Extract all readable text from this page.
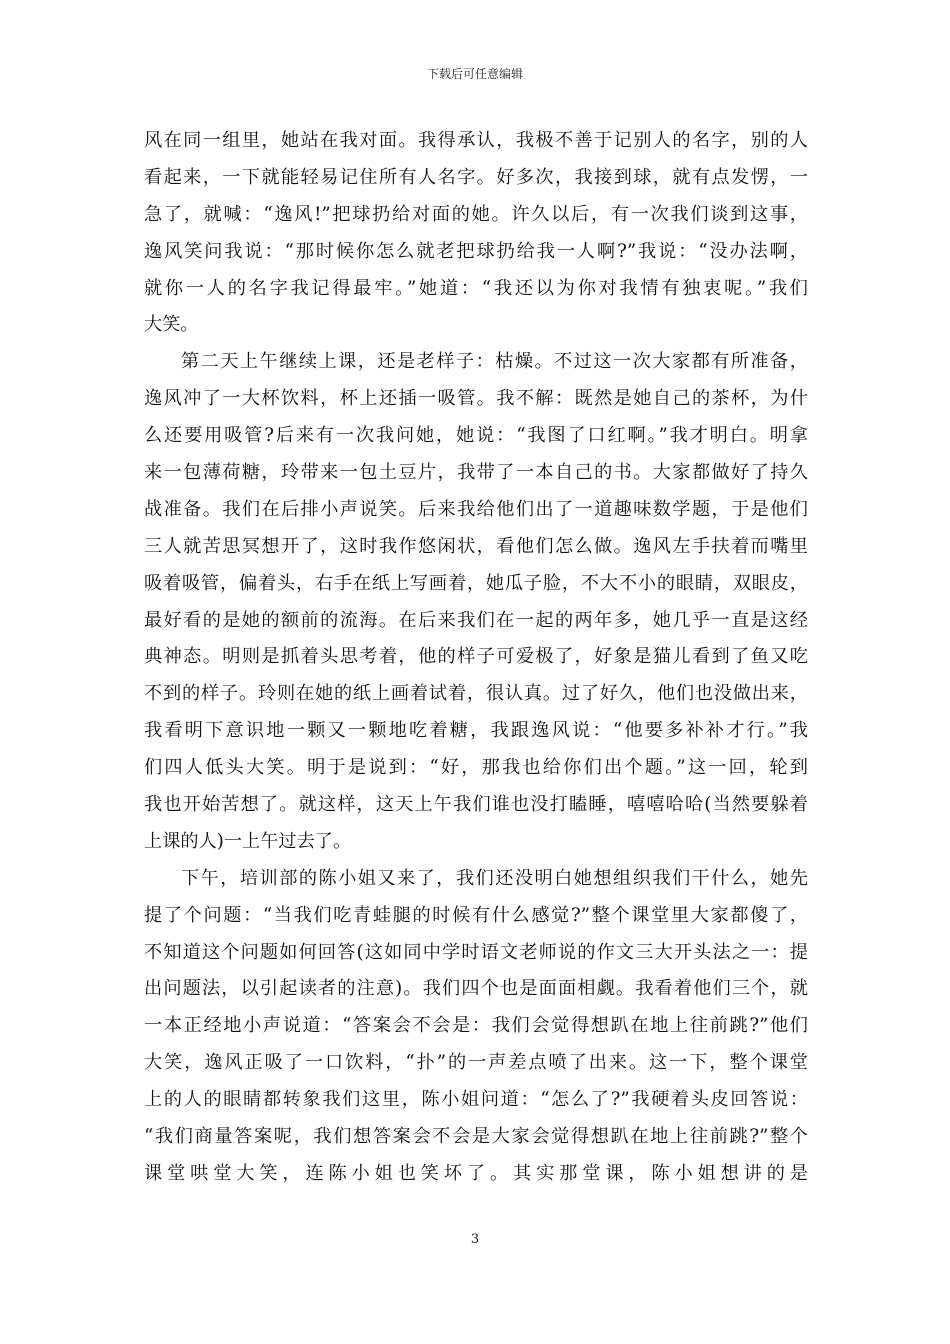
下载后可任意编辑
风在同一组里，她站在我对面。我得承认，我极不善于记别人的名字，别的人
看起来，一下就能轻易记住所有人名字。好多次，我接到球，就有点发愣，一
急了，就喊：“逸风!”把球扔给对面的她。许久以后，有一次我们谈到这事，
逸风笑问我说：“那时候你怎么就老把球扔给我一人啊?”我说：“没办法啊，
就你一人的名字我记得最牢。”她道：“我还以为你对我情有独衷呢。”我们
大笑。
第二天上午继续上课，还是老样子：枯燥。不过这一次大家都有所准备，
逸风冲了一大杯饮料，杯上还插一吸管。我不解：既然是她自己的茶杯，为什
么还要用吸管?后来有一次我问她，她说：“我图了口红啊。”我才明白。明拿
来一包薄荷糖，玲带来一包土豆片，我带了一本自己的书。大家都做好了持久
战准备。我们在后排小声说笑。后来我给他们出了一道趣味数学题，于是他们
三人就苦思冥想开了，这时我作悠闲状，看他们怎么做。逸风左手扶着而嘴里
吸着吸管，偏着头，右手在纸上写画着，她瓜子脸，不大不小的眼睛，双眼皮，
最好看的是她的额前的流海。在后来我们在一起的两年多，她几乎一直是这经
典神态。明则是抓着头思考着，他的样子可爱极了，好象是猫儿看到了鱼又吃
不到的样子。玲则在她的纸上画着试着，很认真。过了好久，他们也没做出来，
我看明下意识地一颗又一颗地吃着糖，我跟逸风说：“他要多补补才行。”我
们四人低头大笑。明于是说到：“好，那我也给你们出个题。”这一回，轮到
我也开始苦想了。就这样，这天上午我们谁也没打瞌睡，嘻嘻哈哈(当然要躲着
上课的人)一上午过去了。
下午，培训部的陈小姐又来了，我们还没明白她想组织我们干什么，她先
提了个问题：“当我们吃青蛙腿的时候有什么感觉?”整个课堂里大家都傻了，
不知道这个问题如何回答(这如同中学时语文老师说的作文三大开头法之一：提
出问题法，以引起读者的注意)。我们四个也是面面相觑。我看着他们三个，就
一本正经地小声说道：“答案会不会是：我们会觉得想趴在地上往前跳?”他们
大笑，逸风正吸了一口饮料，“扑”的一声差点喷了出来。这一下，整个课堂
上的人的眼睛都转象我们这里，陈小姐问道：“怎么了?”我硬着头皮回答说：
“我们商量答案呢，我们想答案会不会是大家会觉得想趴在地上往前跳?”整个
课堂哄堂大笑，连陈小姐也笑坏了。其实那堂课，陈小姐想讲的是
3
